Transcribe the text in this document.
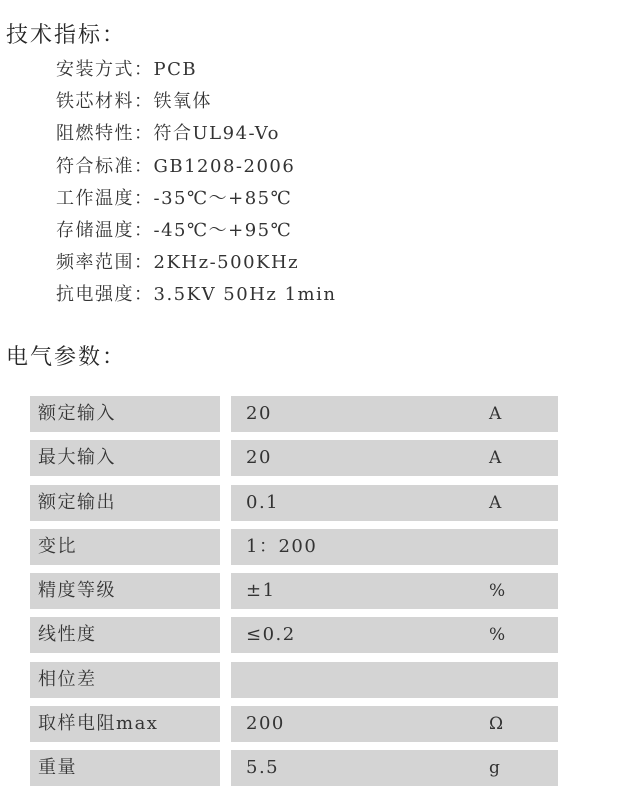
技术指标：
安装方式：PCB
铁芯材料：铁氧体
阻燃特性：符合UL94-Vo
符合标准：GB1208-2006
工作温度：-35℃～+85℃
存储温度：-45℃～+95℃
频率范围：2KHz-500KHz
抗电强度：3.5KV 50Hz 1min
电气参数：
额定输入	20	A
最大输入	20	A
额定输出	0.1	A
变比	1：200
精度等级	±1	%
线性度	≤0.2	%
相位差
取样电阻max	200	Ω
重量	5.5	g
